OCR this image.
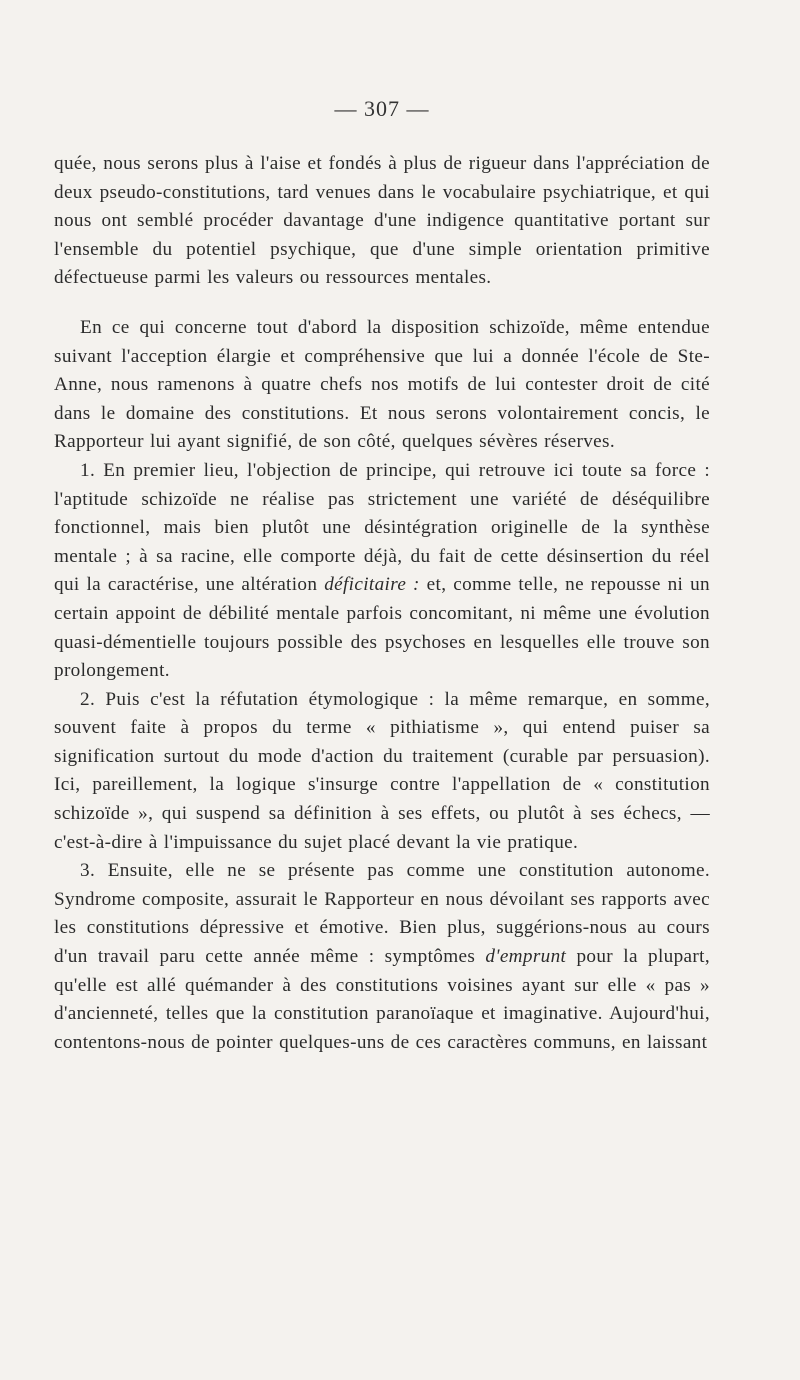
— 307 —

quée, nous serons plus à l'aise et fondés à plus de rigueur dans l'appréciation de deux pseudo-constitutions, tard venues dans le vocabulaire psychiatrique, et qui nous ont semblé procéder davantage d'une indigence quantitative portant sur l'ensemble du potentiel psychique, que d'une simple orientation primitive défectueuse parmi les valeurs ou ressources mentales.

En ce qui concerne tout d'abord la disposition schizoïde, même entendue suivant l'acception élargie et compréhensive que lui a donnée l'école de Ste-Anne, nous ramenons à quatre chefs nos motifs de lui contester droit de cité dans le domaine des constitutions. Et nous serons volontairement concis, le Rapporteur lui ayant signifié, de son côté, quelques sévères réserves.

1. En premier lieu, l'objection de principe, qui retrouve ici toute sa force : l'aptitude schizoïde ne réalise pas strictement une variété de déséquilibre fonctionnel, mais bien plutôt une désintégration originelle de la synthèse mentale ; à sa racine, elle comporte déjà, du fait de cette désinsertion du réel qui la caractérise, une altération déficitaire : et, comme telle, ne repousse ni un certain appoint de débilité mentale parfois concomitant, ni même une évolution quasi-démentielle toujours possible des psychoses en lesquelles elle trouve son prolongement.

2. Puis c'est la réfutation étymologique : la même remarque, en somme, souvent faite à propos du terme « pithiatisme », qui entend puiser sa signification surtout du mode d'action du traitement (curable par persuasion). Ici, pareillement, la logique s'insurge contre l'appellation de « constitution schizoïde », qui suspend sa définition à ses effets, ou plutôt à ses échecs, — c'est-à-dire à l'impuissance du sujet placé devant la vie pratique.

3. Ensuite, elle ne se présente pas comme une constitution autonome. Syndrome composite, assurait le Rapporteur en nous dévoilant ses rapports avec les constitutions dépressive et émotive. Bien plus, suggérions-nous au cours d'un travail paru cette année même : symptômes d'emprunt pour la plupart, qu'elle est allé quémander à des constitutions voisines ayant sur elle « pas » d'ancienneté, telles que la constitution paranoïaque et imaginative. Aujourd'hui, contentons-nous de pointer quelques-uns de ces caractères communs, en laissant
